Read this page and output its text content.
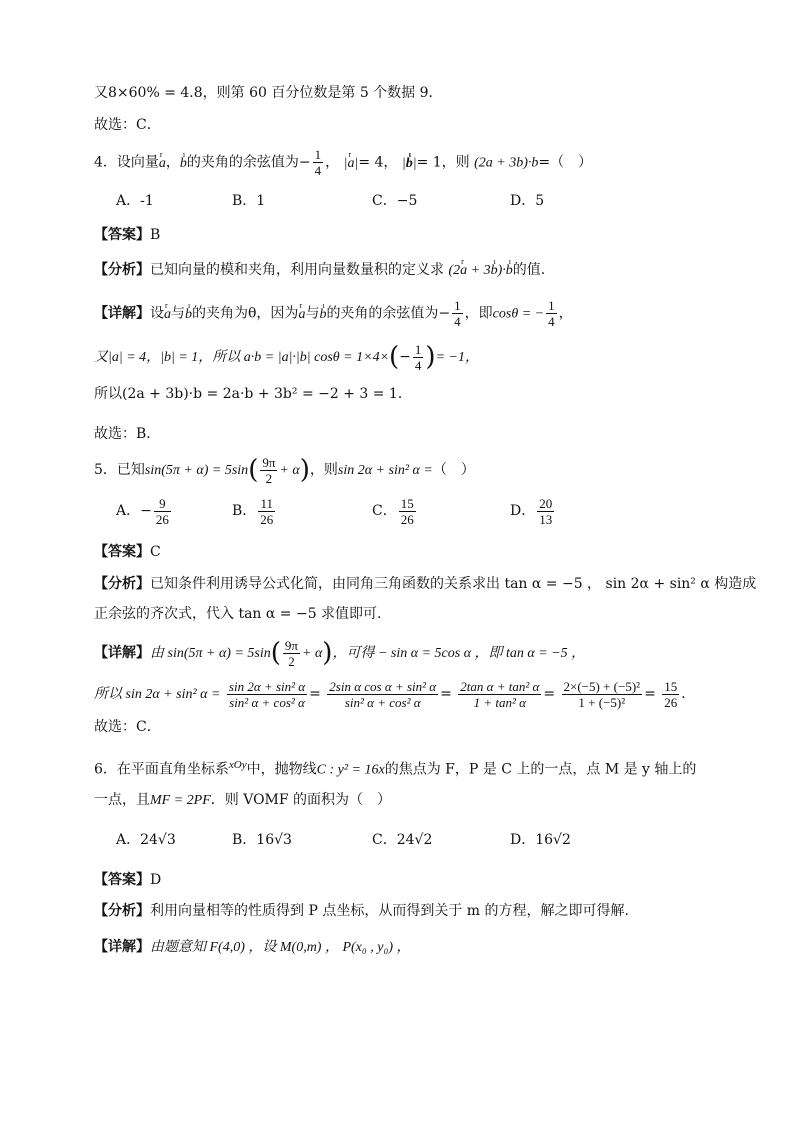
又8×60% = 4.8，则第 60 百分位数是第 5 个数据 9．
故选：C．
4．设向量r a，ı b的夹角的余弦值为− $\frac{1}{4}$ ， |r a|= 4， |ı b|= 1，则 (2a + 3b)·b=（　）
A．-1	B．1	C．−5	D．5
【答案】B
【分析】已知向量的模和夹角，利用向量数量积的定义求 (2r a + 3ı b)·ı b的值.
【详解】设r a与ı b的夹角为θ，因为r a与ı b的夹角的余弦值为− $\frac{1}{4}$ ，即cosθ = − $\frac{1}{4}$ ，
又|a| = 4，|b| = 1，所以 a·b = |a|·|b| $\cos\theta = 1\times 4\times(- \frac{1}{4}$ )= −1，
所以(2a + 3b)·b = 2a·b + 3b² = −2 + 3 = 1．
故选：B．
5．已知$\sin(5\pi + \alpha) = 5\sin( \frac{9\pi}{2} + \alpha)$，则sin 2α + sin² α =（　）
A．− $\frac{9}{26}$	B． $\frac{11}{26}$	C． $\frac{15}{26}$	D． $\frac{20}{13}$
【答案】C
【分析】已知条件利用诱导公式化简，由同角三角函数的关系求出 tan α = −5 ， sin 2α + sin² α 构造成
正余弦的齐次式，代入 tan α = −5 求值即可.
【详解】由 $\sin(5\pi + \alpha) = 5\sin( \frac{9\pi}{2} + \alpha)$，可得 − sin α = 5cos α ，即 tan α = −5 ，
所以 sin 2α + sin² $\alpha = \frac{\text{sin 2α + sin² α}}{\text{sin² α + cos² α}} = \frac{\text{2sin α cos α + sin² α}}{\text{sin² α + cos² α}} = \frac{\text{2tan α + tan² α}}{\text{1 + tan² α}} = \frac{\text{2×(−5) + (−5)²}}{\text{1 + (−5)²}} = \frac{15}{26}$ ．
故选：C．
6．在平面直角坐标系$^{xOy}$中，抛物线C : y² = 16x的焦点为 F，P 是 C 上的一点，点 M 是 y 轴上的
一点，且MF = 2PF．则 VOMF 的面积为（　）
A．24√3	B．16√3	C．24√2	D．16√2
【答案】D
【分析】利用向量相等的性质得到 P 点坐标，从而得到关于 m 的方程，解之即可得解.
【详解】由题意知 F(4,0) ，设 M(0,m) ， P(x₀ , y₀) ，
